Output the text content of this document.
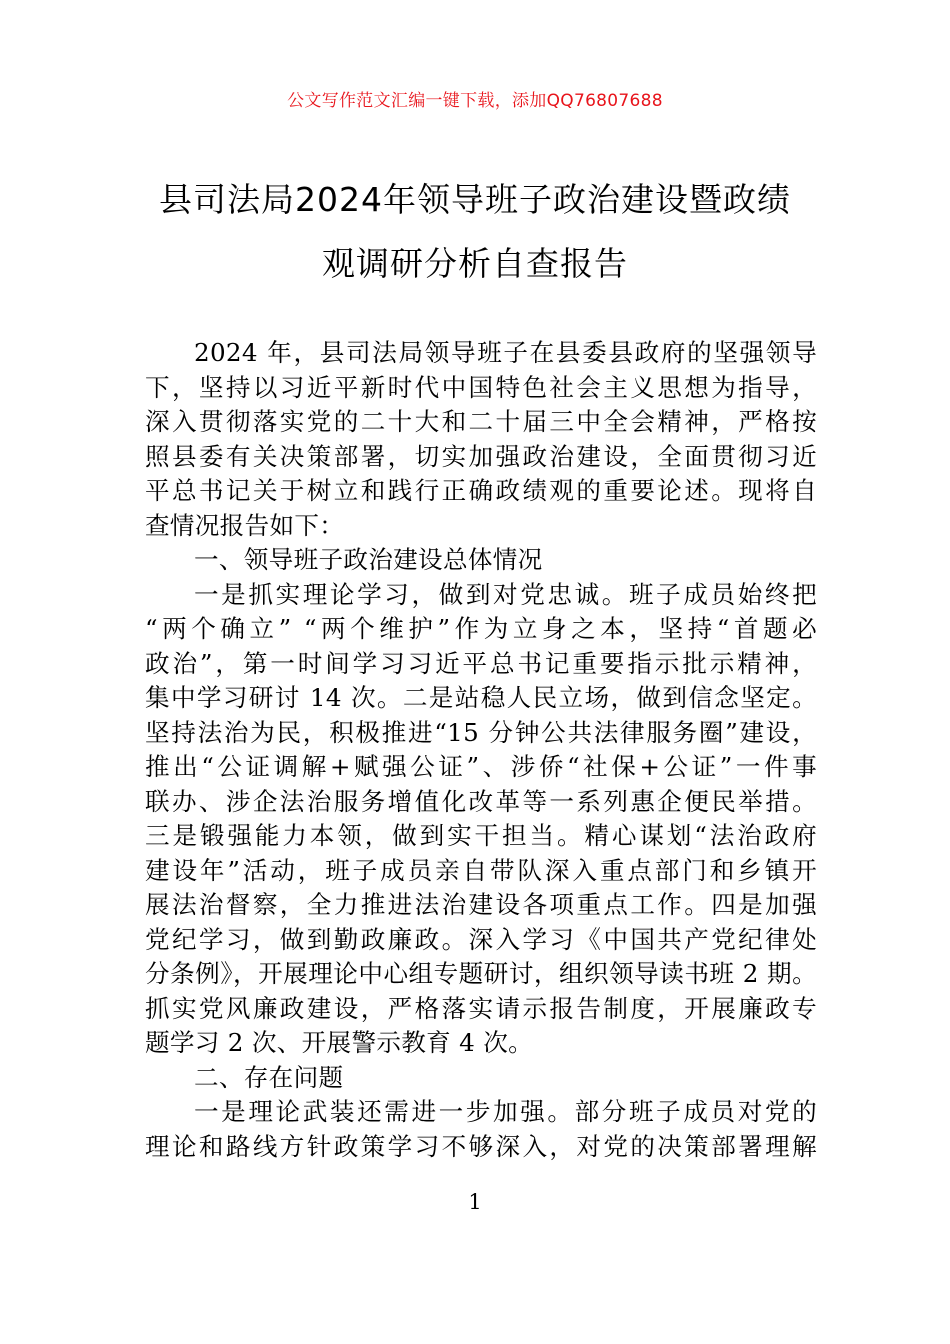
公文写作范文汇编一键下载，添加QQ76807688
县司法局2024年领导班子政治建设暨政绩
观调研分析自查报告
2024 年，县司法局领导班子在县委县政府的坚强领导
下，坚持以习近平新时代中国特色社会主义思想为指导，
深入贯彻落实党的二十大和二十届三中全会精神，严格按
照县委有关决策部署，切实加强政治建设，全面贯彻习近
平总书记关于树立和践行正确政绩观的重要论述。现将自
查情况报告如下：
一、领导班子政治建设总体情况
一是抓实理论学习，做到对党忠诚。班子成员始终把
“两个确立” “两个维护”作为立身之本，坚持“首题必
政治”，第一时间学习习近平总书记重要指示批示精神，
集中学习研讨 14 次。二是站稳人民立场，做到信念坚定。
坚持法治为民，积极推进“15 分钟公共法律服务圈”建设，
推出“公证调解+赋强公证”、涉侨“社保+公证”一件事
联办、涉企法治服务增值化改革等一系列惠企便民举措。
三是锻强能力本领，做到实干担当。精心谋划“法治政府
建设年”活动，班子成员亲自带队深入重点部门和乡镇开
展法治督察，全力推进法治建设各项重点工作。四是加强
党纪学习，做到勤政廉政。深入学习《中国共产党纪律处
分条例》，开展理论中心组专题研讨，组织领导读书班 2 期。
抓实党风廉政建设，严格落实请示报告制度，开展廉政专
题学习 2 次、开展警示教育 4 次。
二、存在问题
一是理论武装还需进一步加强。部分班子成员对党的
理论和路线方针政策学习不够深入，对党的决策部署理解
1
